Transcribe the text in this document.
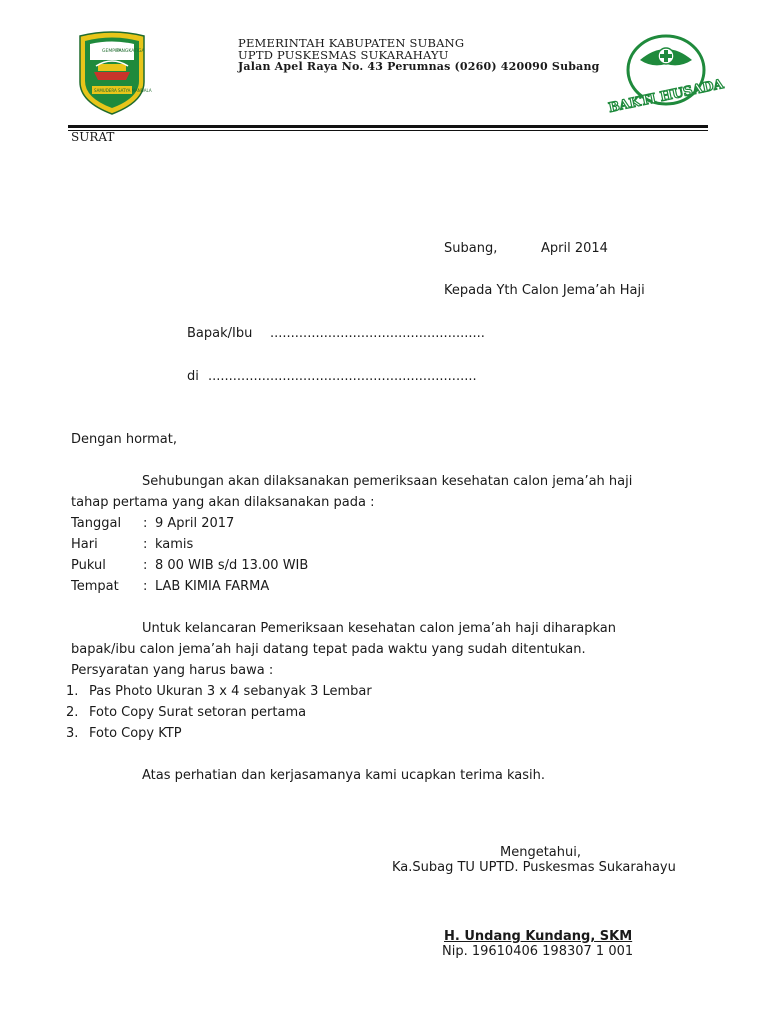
GEMPITA
PANGKATIGA
SAMUDERA SATYA MANDALA
PEMERINTAH KABUPATEN SUBANG
UPTD PUSKESMAS SUKARAHAYU
Jalan Apel Raya No. 43 Perumnas (0260) 420090 Subang
BAKTI HUSADA
SURAT
Subang,	April 2014
Kepada Yth Calon Jema’ah Haji
Bapak/Ibu ....................................................
di .................................................................
Dengan hormat,
Sehubungan akan dilaksanakan pemeriksaan kesehatan calon jema’ah haji
tahap pertama yang akan dilaksanakan pada :
Tanggal : 9 April 2017
Hari	: kamis
Pukul	: 8 00 WIB s/d 13.00 WIB
Tempat : LAB KIMIA FARMA
Untuk kelancaran Pemeriksaan kesehatan calon jema’ah haji diharapkan
bapak/ibu calon jema’ah haji datang tepat pada waktu yang sudah ditentukan.
Persyaratan yang harus bawa :
1. Pas Photo Ukuran 3 x 4 sebanyak 3 Lembar
2. Foto Copy Surat setoran pertama
3. Foto Copy KTP
Atas perhatian dan kerjasamanya kami ucapkan terima kasih.
Mengetahui,
Ka.Subag TU UPTD. Puskesmas Sukarahayu
H. Undang Kundang, SKM
Nip. 19610406 198307 1 001
